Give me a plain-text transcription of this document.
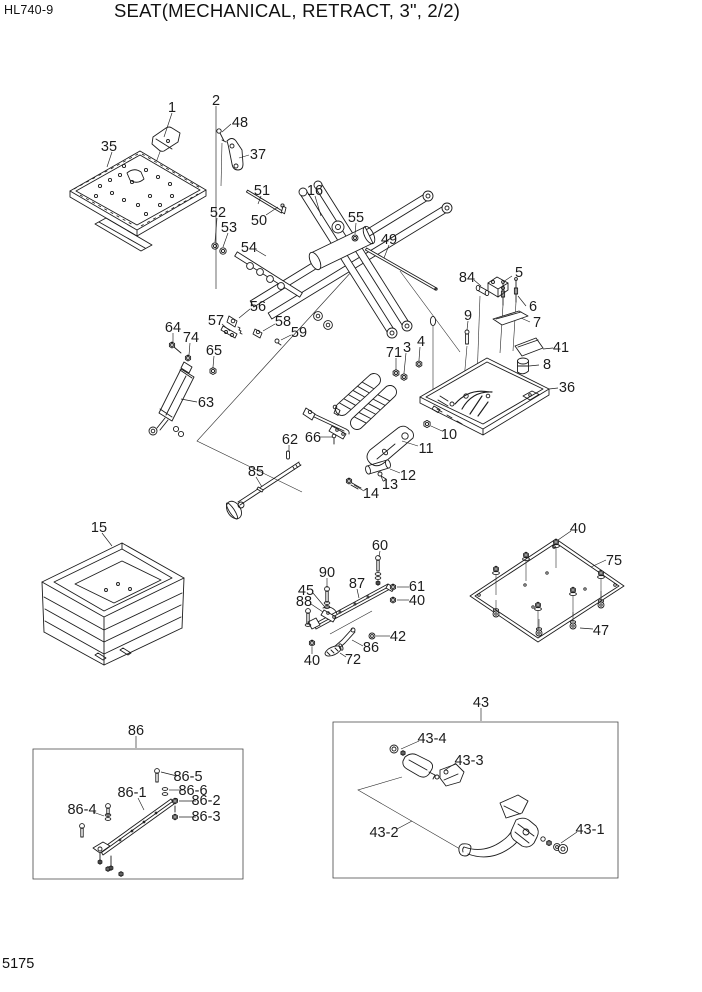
HL740-9	SEAT(MECHANICAL, RETRACT, 3", 2/2)
5175
1 2
48
35	37
16
51
50
52
53
54
55
49
56
57	58
59
64
74
65
63
71 3 4
9
84	5
6
7
41
8
36
10
11
12
13
14
62 66
85
15
60
90
87
45
88
61
40
42
86
72
40
40
75
47
43
43-4
43-3
43-2	43-1
86
86-1
86-5
86-6
86-2
86-3
86-4
